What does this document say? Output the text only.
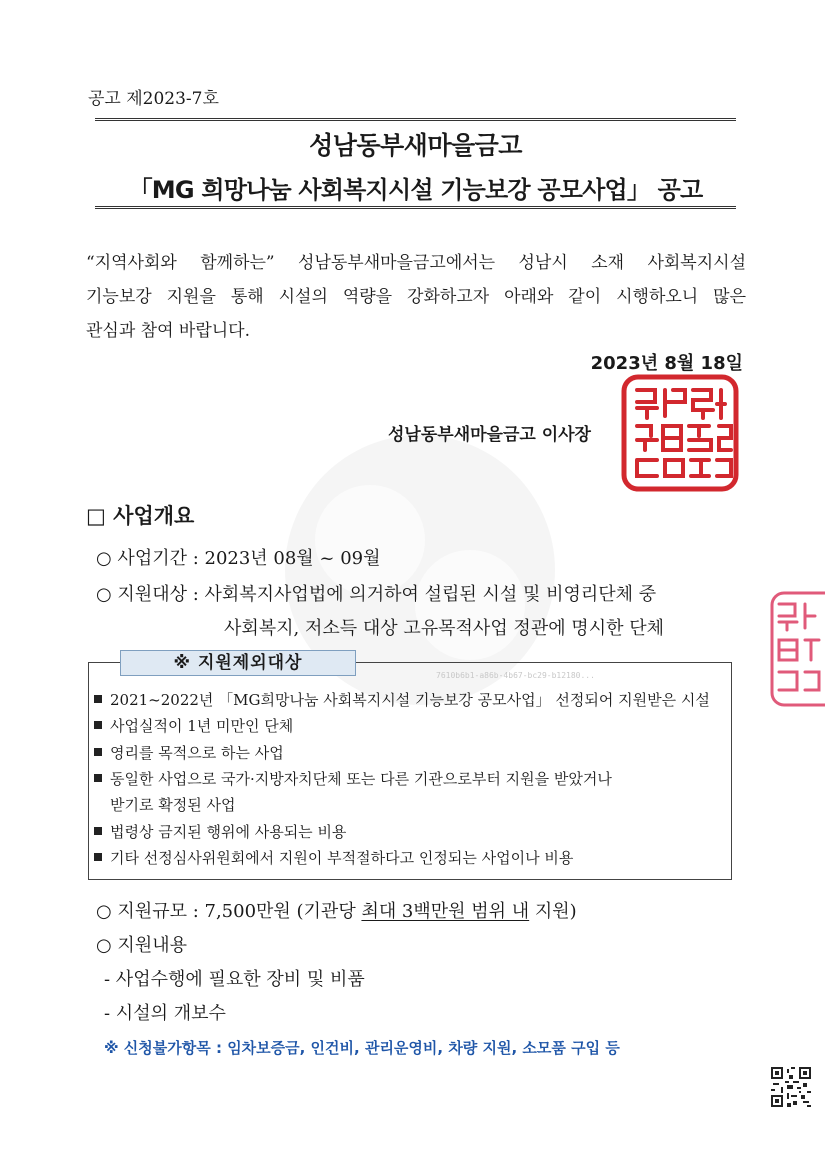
공고 제2023-7호
성남동부새마을금고
「MG 희망나눔 사회복지시설 기능보강 공모사업」 공고
“지역사회와 함께하는” 성남동부새마을금고에서는 성남시 소재 사회복지시설
기능보강 지원을 통해 시설의 역량을 강화하고자 아래와 같이 시행하오니 많은
관심과 참여 바랍니다.
2023년 8월 18일
성남동부새마을금고 이사장
□ 사업개요
○ 사업기간 : 2023년 08월 ~ 09월
○ 지원대상 : 사회복지사업법에 의거하여 설립된 시설 및 비영리단체 중
사회복지, 저소득 대상 고유목적사업 정관에 명시한 단체
※ 지원제외대상
7610b6b1-a86b-4b67-bc29-b12180...
2021~2022년 「MG희망나눔 사회복지시설 기능보강 공모사업」 선정되어 지원받은 시설
사업실적이 1년 미만인 단체
영리를 목적으로 하는 사업
동일한 사업으로 국가·지방자치단체 또는 다른 기관으로부터 지원을 받았거나
받기로 확정된 사업
법령상 금지된 행위에 사용되는 비용
기타 선정심사위원회에서 지원이 부적절하다고 인정되는 사업이나 비용
○ 지원규모 : 7,500만원 (기관당 최대 3백만원 범위 내 지원)
○ 지원내용
- 사업수행에 필요한 장비 및 비품
- 시설의 개보수
※ 신청불가항목 : 임차보증금, 인건비, 관리운영비, 차량 지원, 소모품 구입 등
